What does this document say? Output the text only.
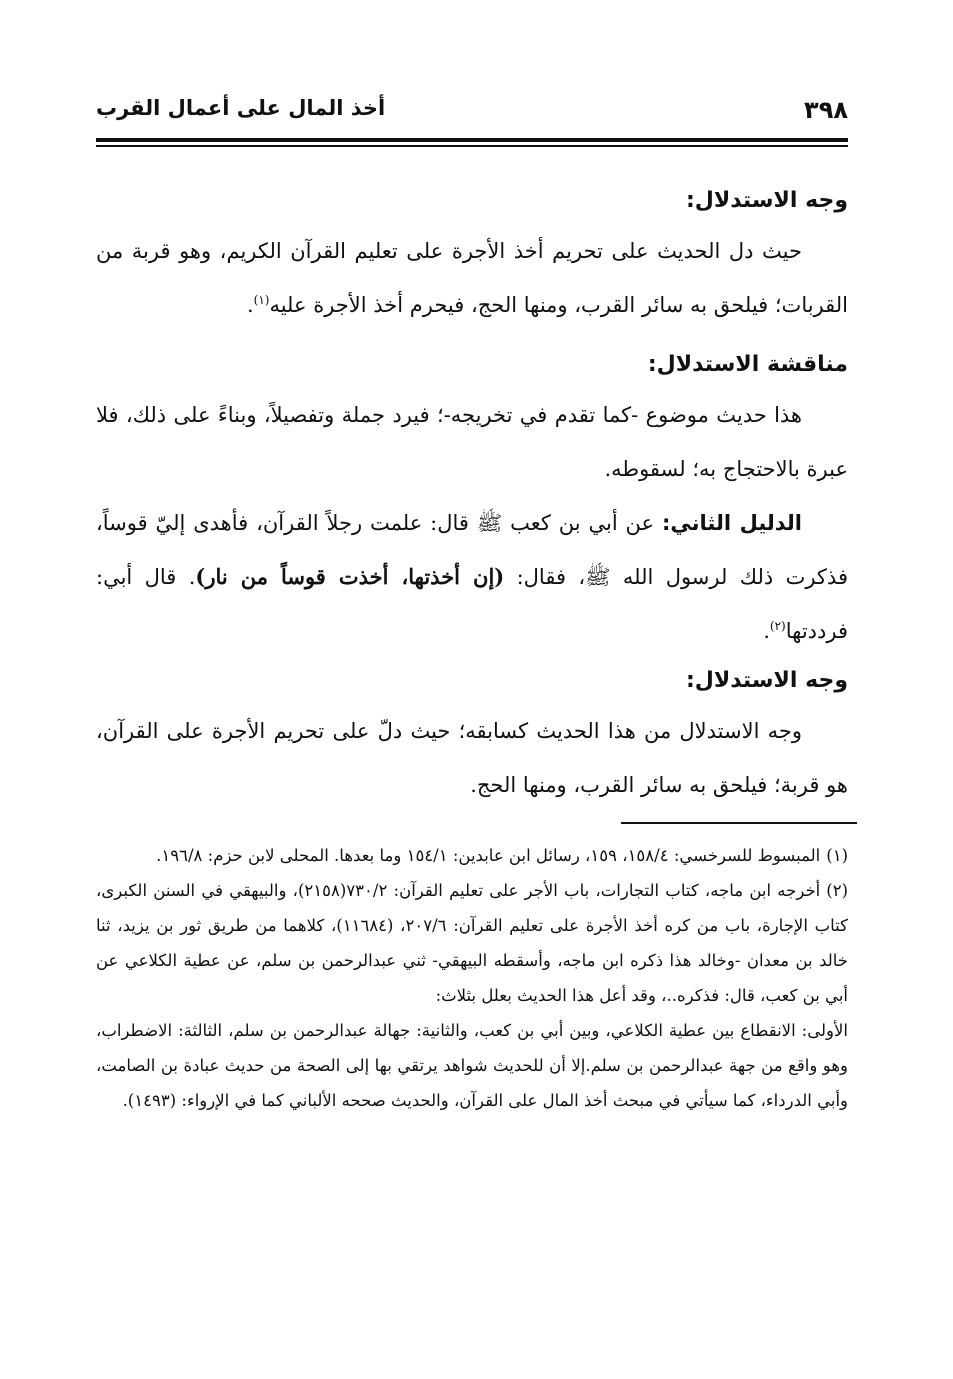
٣٩٨
أخذ المال على أعمال القرب

وجه الاستدلال:

حيث دل الحديث على تحريم أخذ الأجرة على تعليم القرآن الكريم، وهو قربة من القربات؛ فيلحق به سائر القرب، ومنها الحج، فيحرم أخذ الأجرة عليه$^{(١)}$.

مناقشة الاستدلال:

هذا حديث موضوع -كما تقدم في تخريجه-؛ فيرد جملة وتفصيلاً، وبناءً على ذلك، فلا عبرة بالاحتجاج به؛ لسقوطه.

الدليل الثاني: عن أبي بن كعب ﷺ قال: علمت رجلاً القرآن، فأهدى إليّ قوساً، فذكرت ذلك لرسول الله ﷺ، فقال: (إن أخذتها، أخذت قوساً من نار). قال أبي: فرددتها$^{(٢)}$.

وجه الاستدلال:

وجه الاستدلال من هذا الحديث كسابقه؛ حيث دلّ على تحريم الأجرة على القرآن، هو قربة؛ فيلحق به سائر القرب، ومنها الحج.

(١)المبسوط للسرخسي: ١٥٨/٤، ١٥٩، رسائل ابن عابدين: ١٥٤/١ وما بعدها. المحلى لابن حزم: ١٩٦/٨.

(٢)أخرجه ابن ماجه، كتاب التجارات، باب الأجر على تعليم القرآن: ٧٣٠/٢(٢١٥٨)، والبيهقي في السنن الكبرى، كتاب الإجارة، باب من كره أخذ الأجرة على تعليم القرآن: ٢٠٧/٦، (١١٦٨٤)، كلاهما من طريق ثور بن يزيد، ثنا خالد بن معدان -وخالد هذا ذكره ابن ماجه، وأسقطه البيهقي- ثني عبدالرحمن بن سلم، عن عطية الكلاعي عن أبي بن كعب، قال: فذكره..، وقد أعل هذا الحديث بعلل بثلاث:

الأولى: الانقطاع بين عطية الكلاعي، وبين أبي بن كعب، والثانية: جهالة عبدالرحمن بن سلم، الثالثة: الاضطراب، وهو واقع من جهة عبدالرحمن بن سلم.إلا أن للحديث شواهد يرتقي بها إلى الصحة من حديث عبادة بن الصامت، وأبي الدرداء، كما سيأتي في مبحث أخذ المال على القرآن، والحديث صححه الألباني كما في الإرواء: (١٤٩٣).
